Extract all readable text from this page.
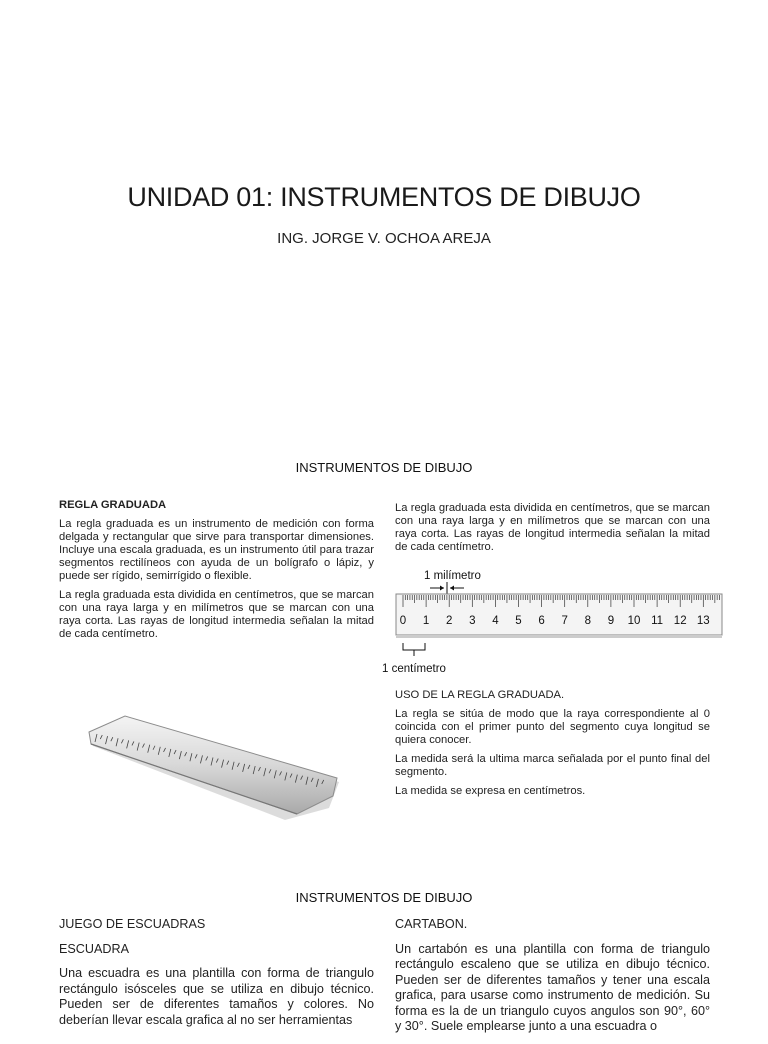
UNIDAD 01: INSTRUMENTOS DE DIBUJO
ING. JORGE V. OCHOA AREJA
INSTRUMENTOS DE DIBUJO

REGLA GRADUADA

La regla graduada es un instrumento de medición con forma delgada y rectangular que sirve para transportar dimensiones. Incluye una escala graduada, es un instrumento útil para trazar segmentos rectilíneos con ayuda de un bolígrafo o lápiz, y puede ser rígido, semirrígido o flexible.

La regla graduada esta dividida en centímetros, que se marcan con una raya larga y en milímetros que se marcan con una raya corta. Las rayas de longitud intermedia señalan la mitad de cada centímetro.

La regla graduada esta dividida en centímetros, que se marcan con una raya larga y en milímetros que se marcan con una raya corta. Las rayas de longitud intermedia señalan la mitad de cada centímetro.

1 milímetro
0 1 2 3 4 5 6 7 8 9 10 11 12 13
1 centímetro

USO DE LA REGLA GRADUADA.

La regla se sitúa de modo que la raya correspondiente al 0 coincida con el primer punto del segmento cuya longitud se quiera conocer.

La medida será la ultima marca señalada por el punto final del segmento.

La medida se expresa en centímetros.

INSTRUMENTOS DE DIBUJO

JUEGO DE ESCUADRAS

ESCUADRA

Una escuadra es una plantilla con forma de triangulo rectángulo isósceles que se utiliza en dibujo técnico. Pueden ser de diferentes tamaños y colores. No deberían llevar escala grafica al no ser herramientas

CARTABON.

Un cartabón es una plantilla con forma de triangulo rectángulo escaleno que se utiliza en dibujo técnico. Pueden ser de diferentes tamaños y tener una escala grafica, para usarse como instrumento de medición. Su forma es la de un triangulo cuyos angulos son 90°, 60° y 30°. Suele emplearse junto a una escuadra o
